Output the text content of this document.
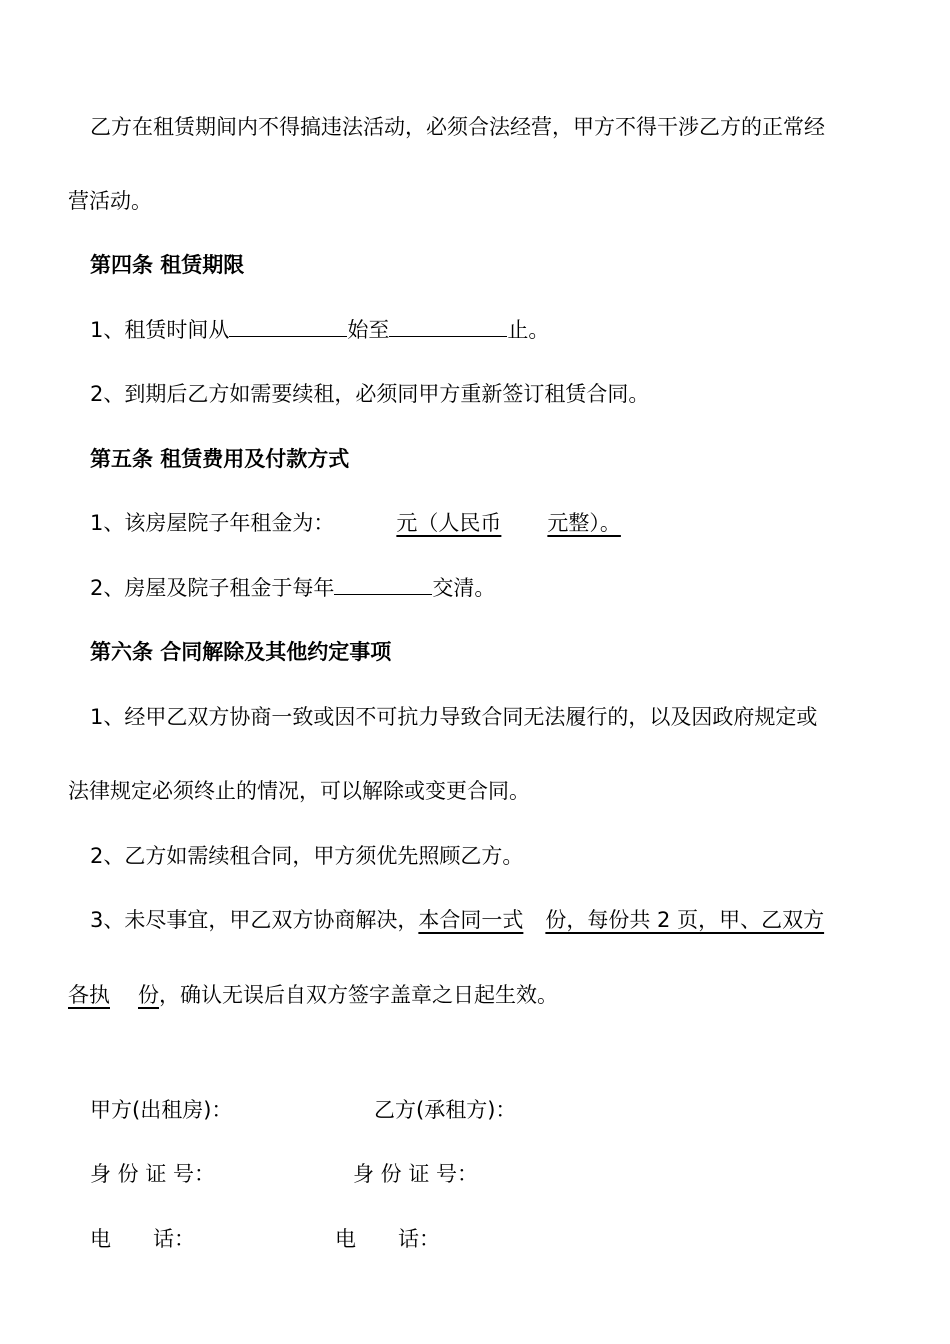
乙方在租赁期间内不得搞违法活动，必须合法经营，甲方不得干涉乙方的正常经
营活动。
第四条 租赁期限
1、租赁时间从	始至	止。
2、到期后乙方如需要续租，必须同甲方重新签订租赁合同。
第五条 租赁费用及付款方式
1、该房屋院子年租金为：	元（人民币 元整）。
2、房屋及院子租金于每年	交清。
第六条 合同解除及其他约定事项
1、经甲乙双方协商一致或因不可抗力导致合同无法履行的，以及因政府规定或
法律规定必须终止的情况，可以解除或变更合同。
2、乙方如需续租合同，甲方须优先照顾乙方。
3、未尽事宜，甲乙双方协商解决，本合同一式 份，每份共 2 页，甲、乙双方
各执 份，确认无误后自双方签字盖章之日起生效。
甲方(出租房)：	乙方(承租方)：
身 份 证 号：	身 份 证 号：
电　　话：	电　　话：
